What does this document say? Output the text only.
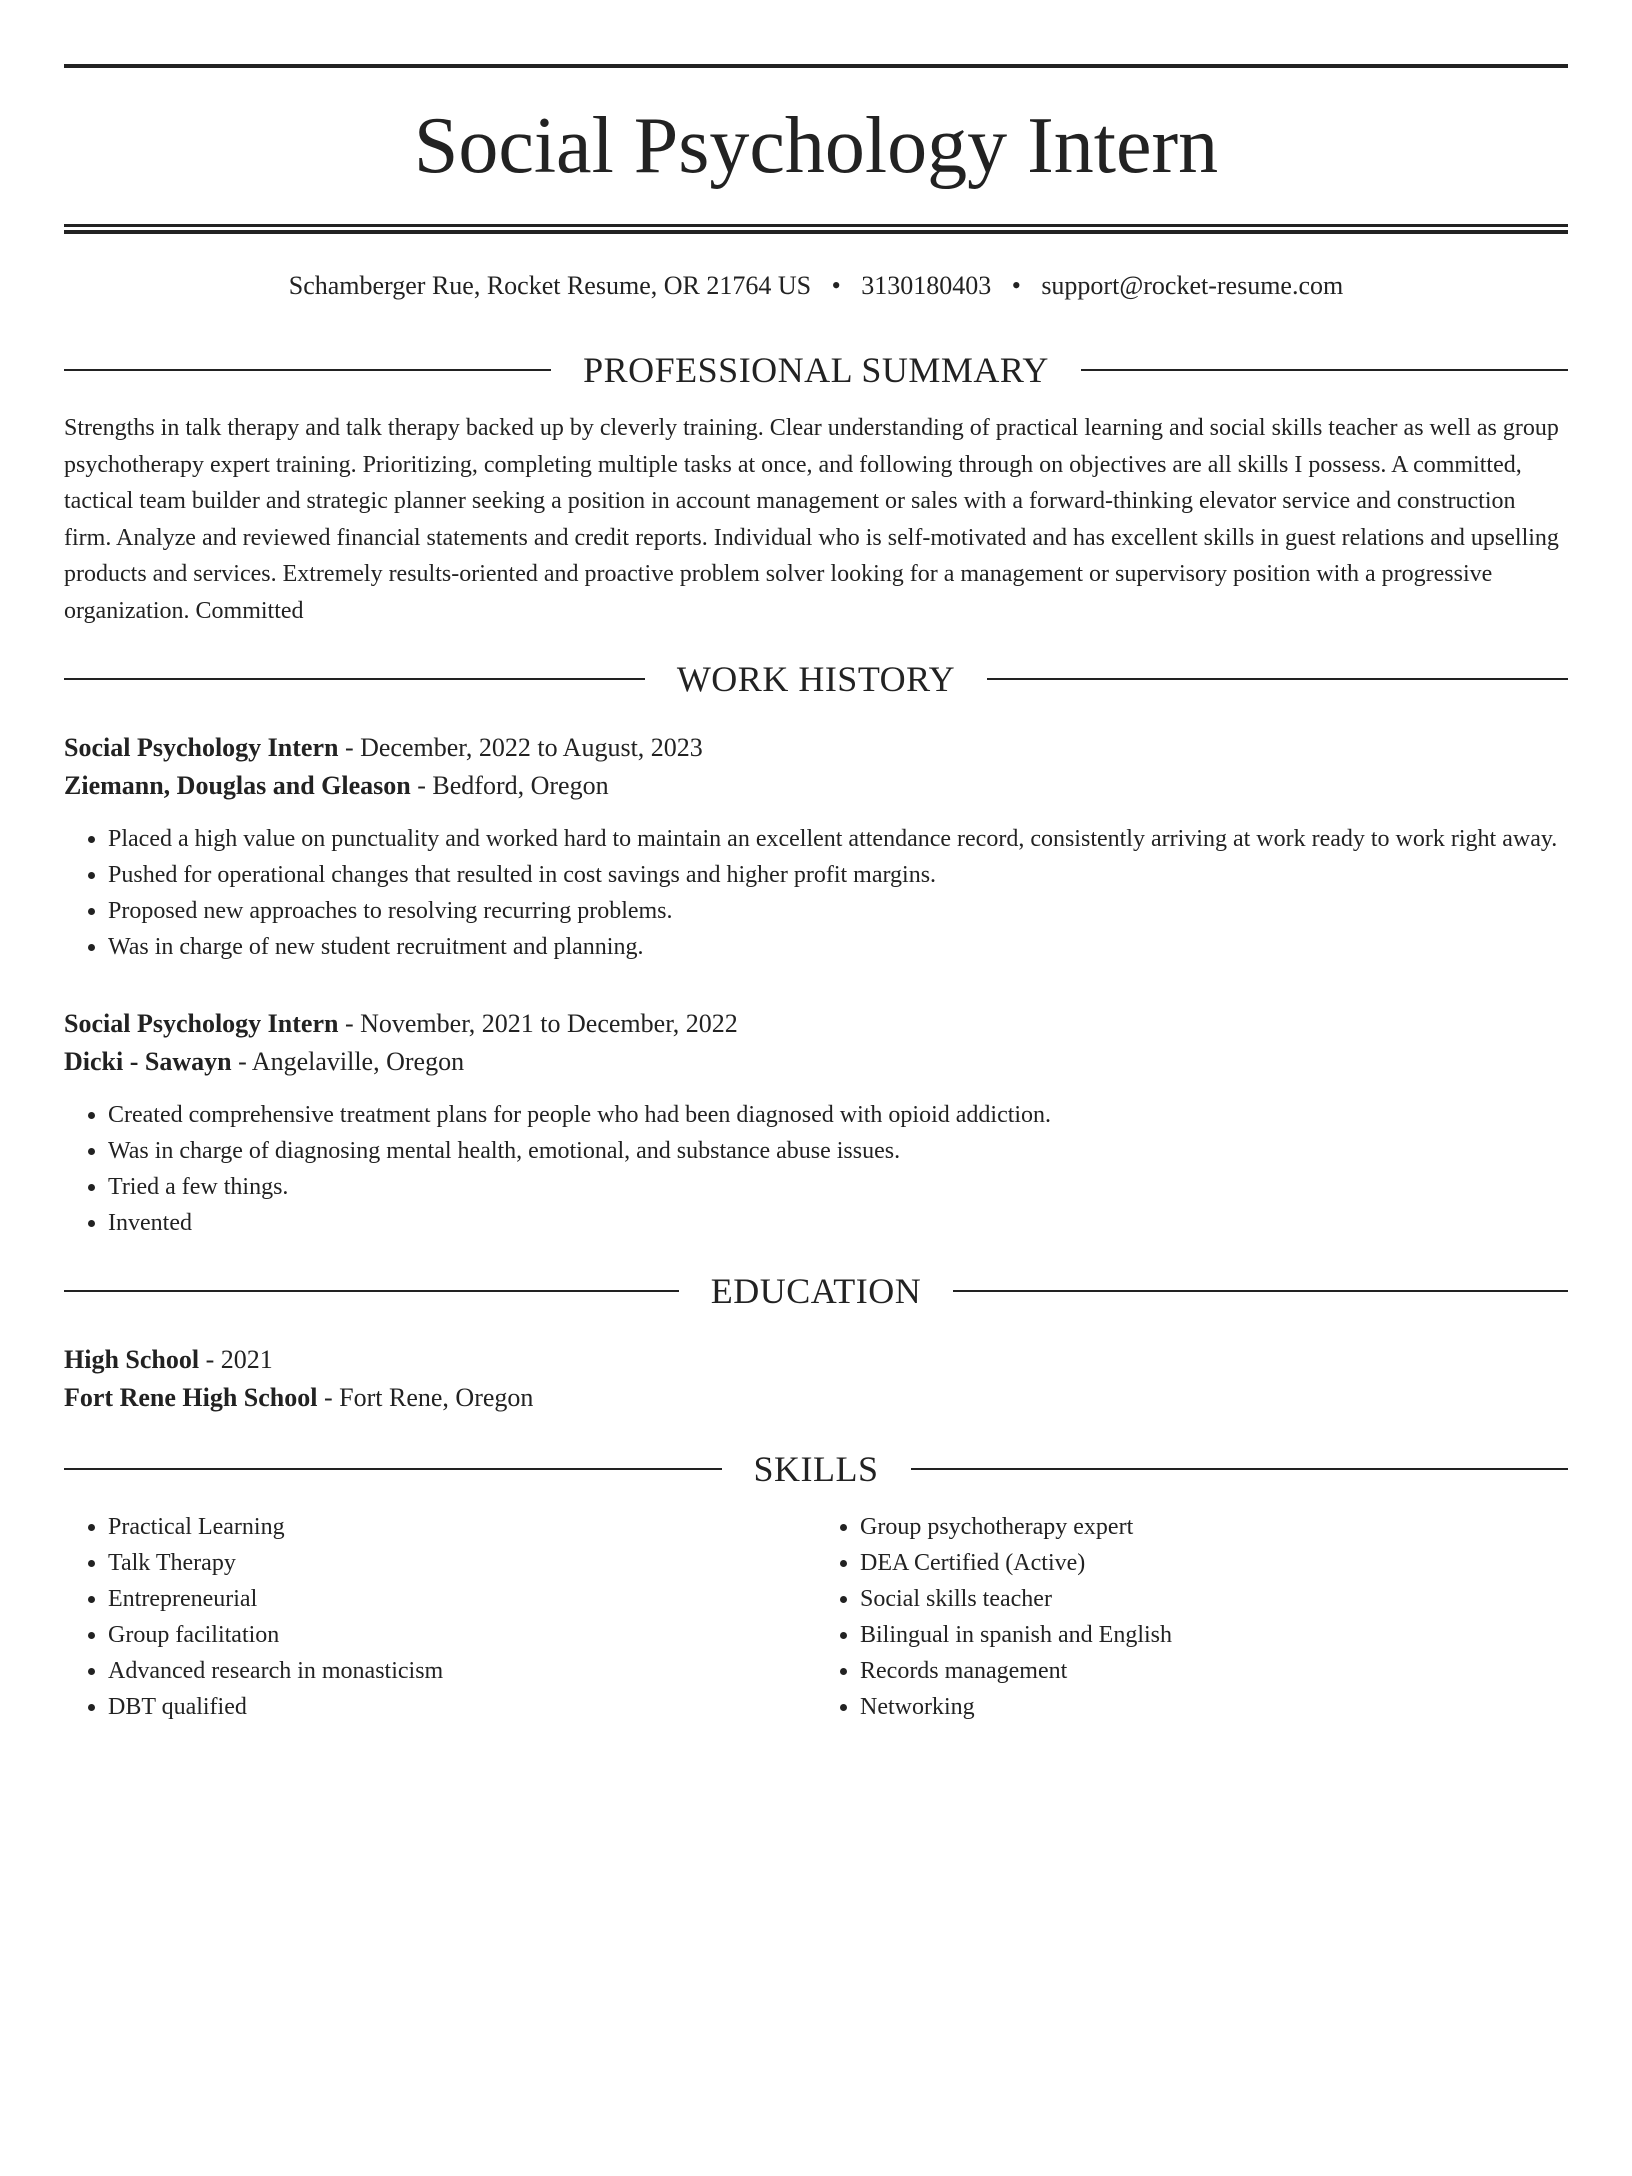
Social Psychology Intern
Schamberger Rue, Rocket Resume, OR 21764 US • 3130180403 • support@rocket-resume.com
PROFESSIONAL SUMMARY
Strengths in talk therapy and talk therapy backed up by cleverly training. Clear understanding of practical learning and social skills teacher as well as group psychotherapy expert training. Prioritizing, completing multiple tasks at once, and following through on objectives are all skills I possess. A committed, tactical team builder and strategic planner seeking a position in account management or sales with a forward-thinking elevator service and construction firm. Analyze and reviewed financial statements and credit reports. Individual who is self-motivated and has excellent skills in guest relations and upselling products and services. Extremely results-oriented and proactive problem solver looking for a management or supervisory position with a progressive organization. Committed
WORK HISTORY
Social Psychology Intern - December, 2022 to August, 2023
Ziemann, Douglas and Gleason - Bedford, Oregon
• Placed a high value on punctuality and worked hard to maintain an excellent attendance record, consistently arriving at work ready to work right away.
• Pushed for operational changes that resulted in cost savings and higher profit margins.
• Proposed new approaches to resolving recurring problems.
• Was in charge of new student recruitment and planning.
Social Psychology Intern - November, 2021 to December, 2022
Dicki - Sawayn - Angelaville, Oregon
• Created comprehensive treatment plans for people who had been diagnosed with opioid addiction.
• Was in charge of diagnosing mental health, emotional, and substance abuse issues.
• Tried a few things.
• Invented
EDUCATION
High School - 2021
Fort Rene High School - Fort Rene, Oregon
SKILLS
• Practical Learning
• Talk Therapy
• Entrepreneurial
• Group facilitation
• Advanced research in monasticism
• DBT qualified
• Group psychotherapy expert
• DEA Certified (Active)
• Social skills teacher
• Bilingual in spanish and English
• Records management
• Networking
